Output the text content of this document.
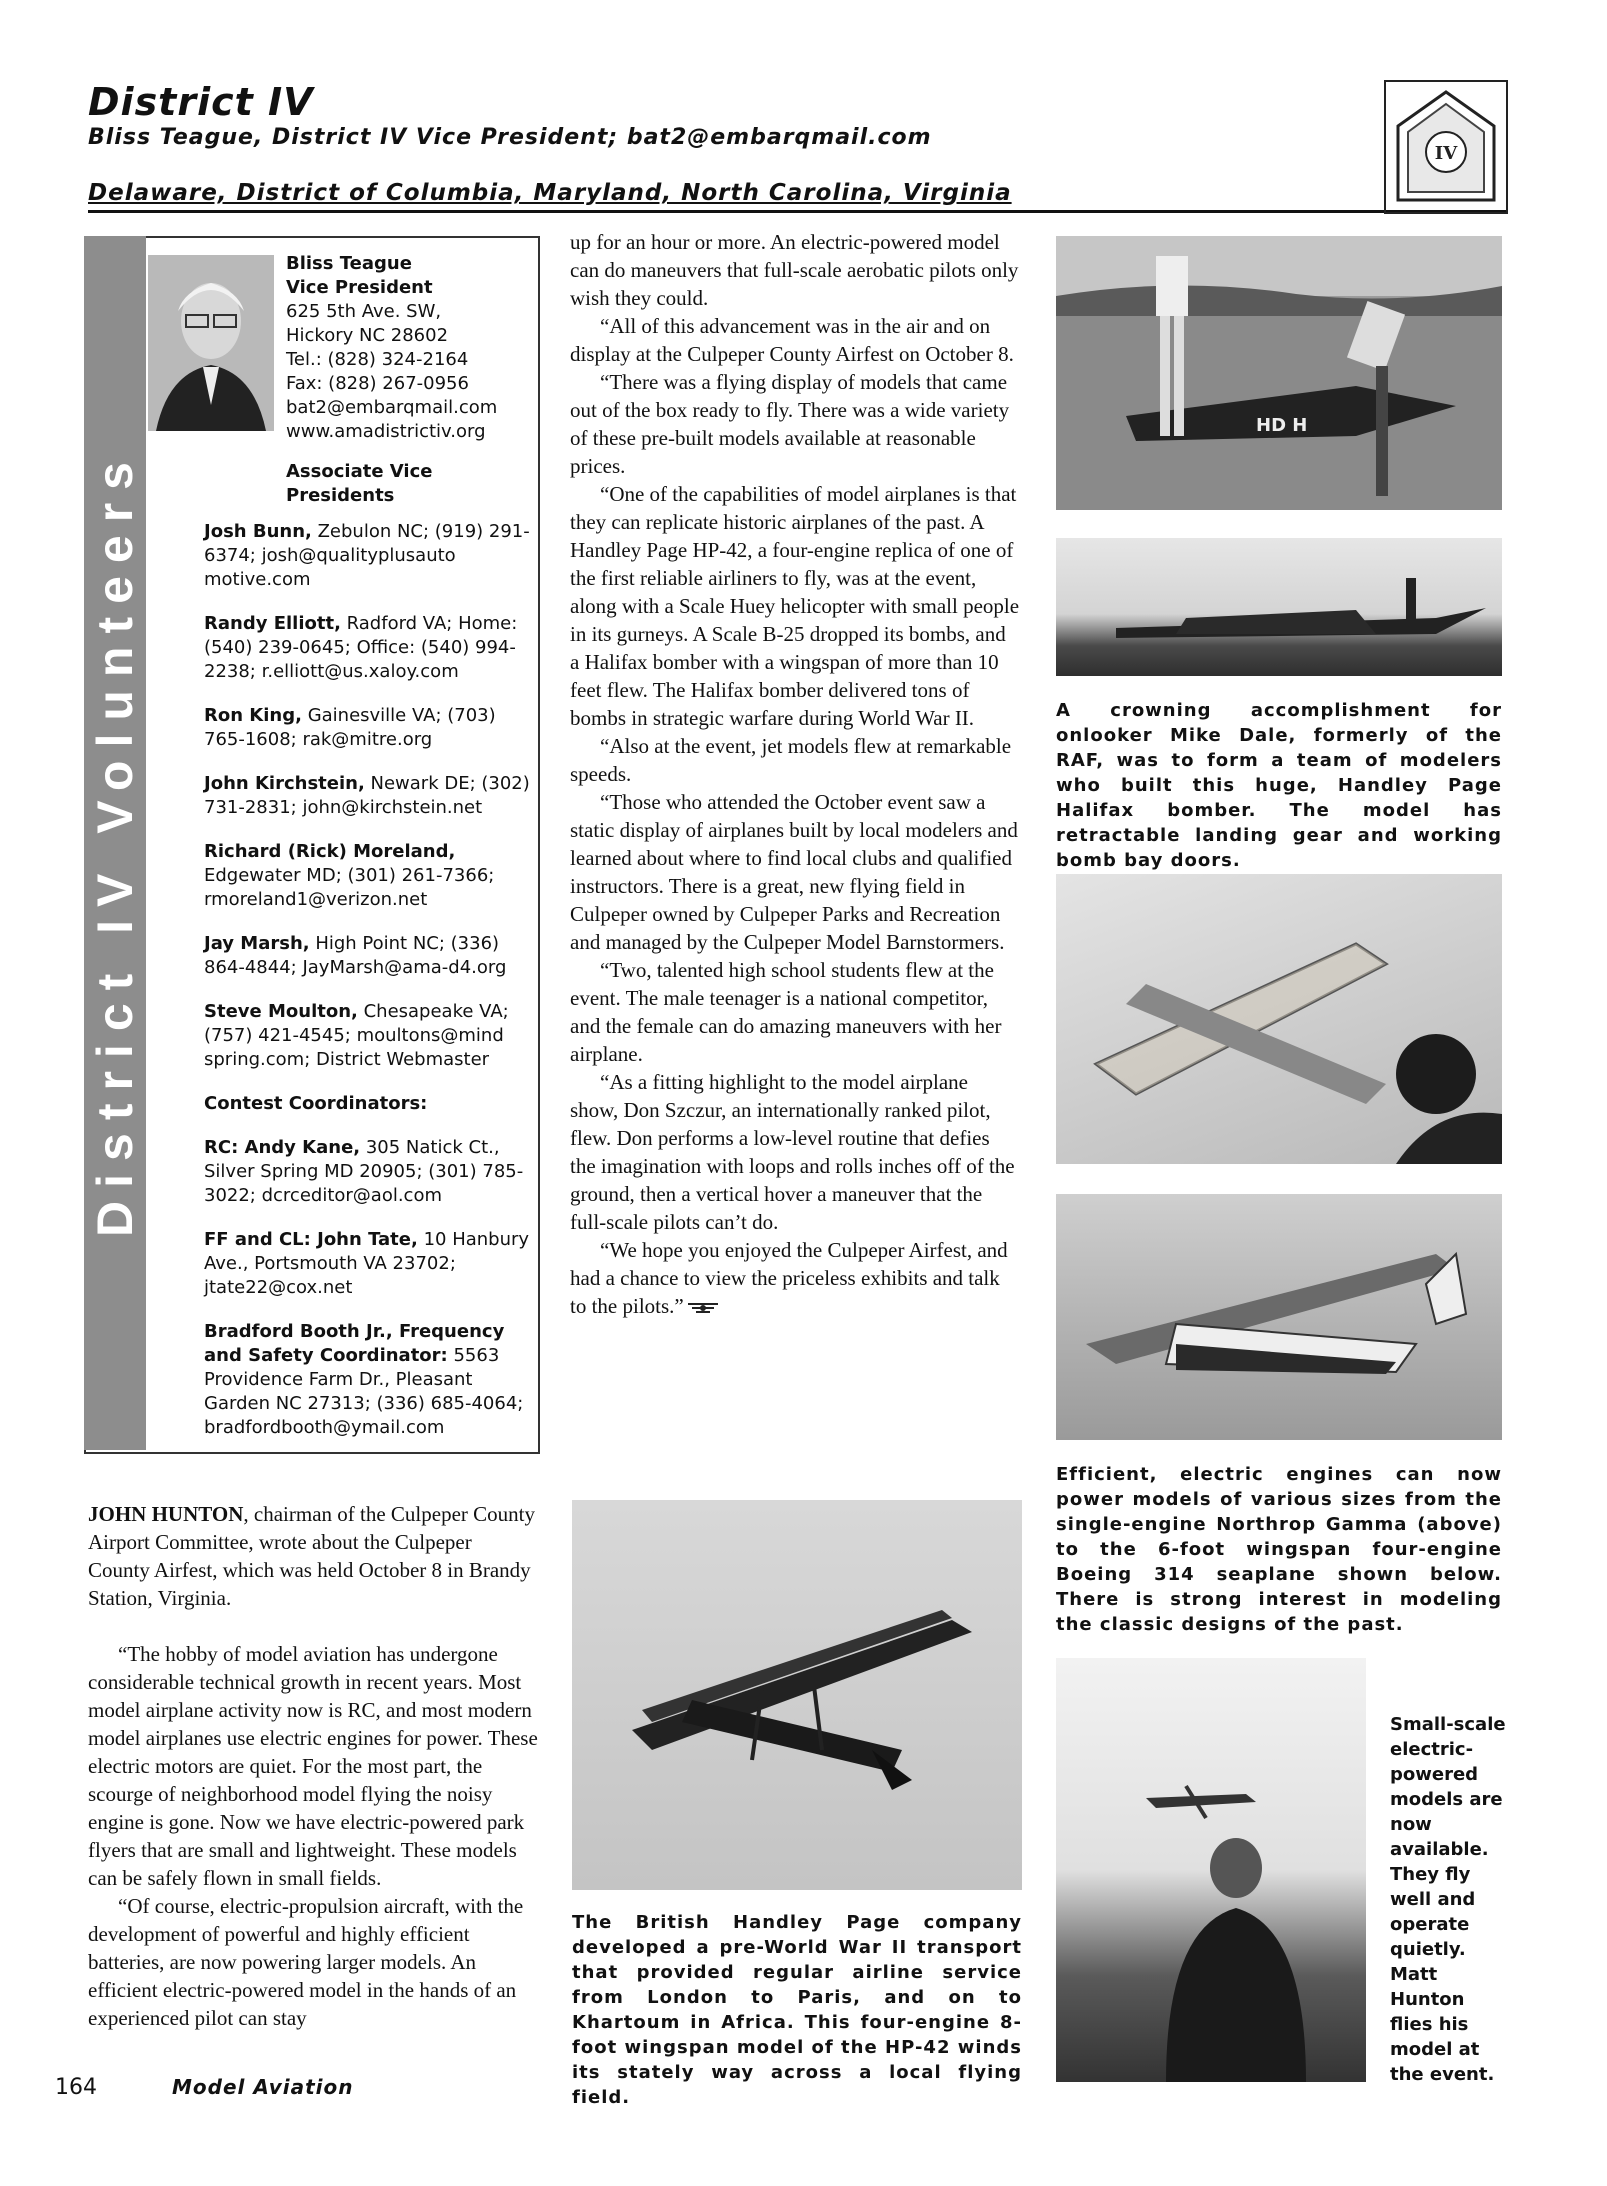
District IV
Bliss Teague, District IV Vice President; bat2@embarqmail.com
Delaware, District of Columbia, Maryland, North Carolina, Virginia
IV
District IV Volunteers
Bliss Teague
Vice President
625 5th Ave. SW,
Hickory NC 28602
Tel.: (828) 324-2164
Fax: (828) 267-0956
bat2@embarqmail.com
www.amadistrictiv.org
Associate Vice Presidents

Josh Bunn, Zebulon NC; (919) 291-6374; josh@qualityplusauto motive.com

Randy Elliott, Radford VA; Home: (540) 239-0645; Office: (540) 994-2238; r.elliott@us.xaloy.com

Ron King, Gainesville VA; (703) 765-1608; rak@mitre.org

John Kirchstein, Newark DE; (302) 731-2831; john@kirchstein.net

Richard (Rick) Moreland, Edgewater MD; (301) 261-7366; rmoreland1@verizon.net

Jay Marsh, High Point NC; (336) 864-4844; JayMarsh@ama-d4.org

Steve Moulton, Chesapeake VA; (757) 421-4545; moultons@mind spring.com; District Webmaster

Contest Coordinators:

RC: Andy Kane, 305 Natick Ct., Silver Spring MD 20905; (301) 785-3022; dcrceditor@aol.com

FF and CL: John Tate, 10 Hanbury Ave., Portsmouth VA 23702; jtate22@cox.net

Bradford Booth Jr., Frequency and Safety Coordinator: 5563 Providence Farm Dr., Pleasant Garden NC 27313; (336) 685-4064; bradfordbooth@ymail.com

JOHN HUNTON, chairman of the Culpeper County Airport Committee, wrote about the Culpeper County Airfest, which was held October 8 in Brandy Station, Virginia.

“The hobby of model aviation has undergone considerable technical growth in recent years. Most model airplane activity now is RC, and most modern model airplanes use electric engines for power. These electric motors are quiet. For the most part, the scourge of neighborhood model flying the noisy engine is gone. Now we have electric-powered park flyers that are small and lightweight. These models can be safely flown in small fields.

“Of course, electric-propulsion aircraft, with the development of powerful and highly efficient batteries, are now powering larger models. An efficient electric-powered model in the hands of an experienced pilot can stay

up for an hour or more. An electric-powered model can do maneuvers that full-scale aerobatic pilots only wish they could.

“All of this advancement was in the air and on display at the Culpeper County Airfest on October 8.

“There was a flying display of models that came out of the box ready to fly. There was a wide variety of these pre-built models available at reasonable prices.

“One of the capabilities of model airplanes is that they can replicate historic airplanes of the past. A Handley Page HP-42, a four-engine replica of one of the first reliable airliners to fly, was at the event, along with a Scale Huey helicopter with small people in its gurneys. A Scale B-25 dropped its bombs, and a Halifax bomber with a wingspan of more than 10 feet flew. The Halifax bomber delivered tons of bombs in strategic warfare during World War II.

“Also at the event, jet models flew at remarkable speeds.

“Those who attended the October event saw a static display of airplanes built by local modelers and learned about where to find local clubs and qualified instructors. There is a great, new flying field in Culpeper owned by Culpeper Parks and Recreation and managed by the Culpeper Model Barnstormers.

“Two, talented high school students flew at the event. The male teenager is a national competitor, and the female can do amazing maneuvers with her airplane.

“As a fitting highlight to the model airplane show, Don Szczur, an internationally ranked pilot, flew. Don performs a low-level routine that defies the imagination with loops and rolls inches off of the ground, then a vertical hover a maneuver that the full-scale pilots can’t do.

“We hope you enjoyed the Culpeper Airfest, and had a chance to view the priceless exhibits and talk to the pilots.”

HD H
A crowning accomplishment for onlooker Mike Dale, formerly of the RAF, was to form a team of modelers who built this huge, Handley Page Halifax bomber. The model has retractable landing gear and working bomb bay doors.
Efficient, electric engines can now power models of various sizes from the single-engine Northrop Gamma (above) to the 6-foot wingspan four-engine Boeing 314 seaplane shown below. There is strong interest in modeling the classic designs of the past.
The British Handley Page company developed a pre-World War II transport that provided regular airline service from London to Paris, and on to Khartoum in Africa. This four-engine 8-foot wingspan model of the HP-42 winds its stately way across a local flying field.
Small-scale electric-powered models are now available. They fly well and operate quietly. Matt Hunton flies his model at the event.
164	Model Aviation
